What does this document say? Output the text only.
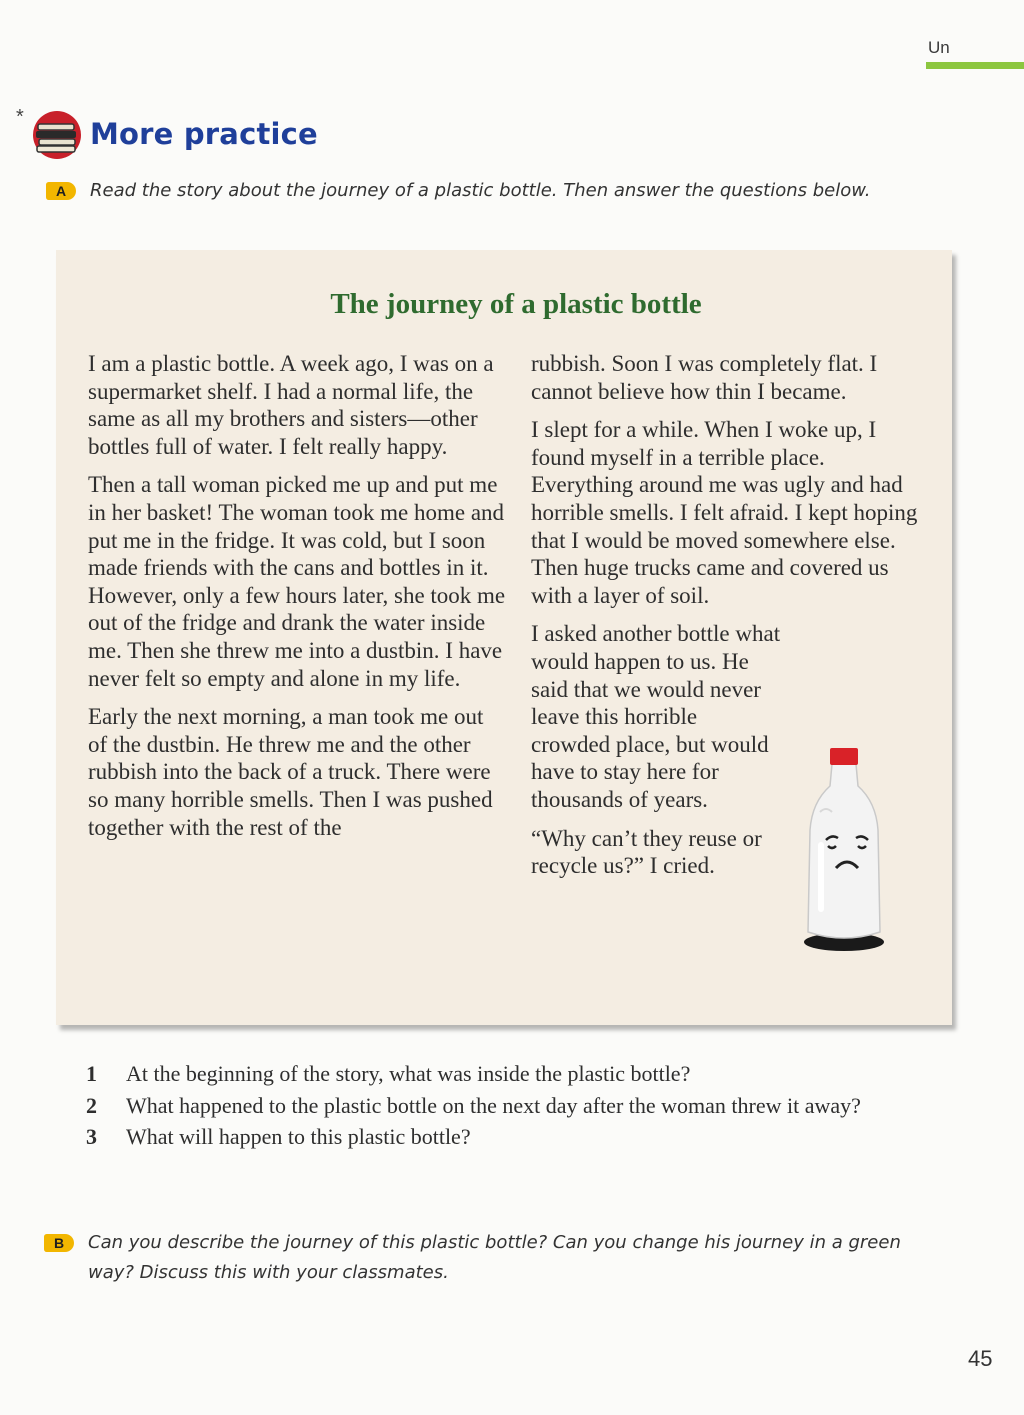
Un
* More practice
A	Read the story about the journey of a plastic bottle. Then answer the questions below.
The journey of a plastic bottle

I am a plastic bottle. A week ago, I was on a supermarket shelf. I had a normal life, the same as all my brothers and sisters—other bottles full of water. I felt really happy.

Then a tall woman picked me up and put me in her basket! The woman took me home and put me in the fridge. It was cold, but I soon made friends with the cans and bottles in it. However, only a few hours later, she took me out of the fridge and drank the water inside me. Then she threw me into a dustbin. I have never felt so empty and alone in my life.

Early the next morning, a man took me out of the dustbin. He threw me and the other rubbish into the back of a truck. There were so many horrible smells. Then I was pushed together with the rest of the

rubbish. Soon I was completely flat. I cannot believe how thin I became.

I slept for a while. When I woke up, I found myself in a terrible place. Everything around me was ugly and had horrible smells. I felt afraid. I kept hoping that I would be moved somewhere else. Then huge trucks came and covered us with a layer of soil.

I asked another bottle what would happen to us. He said that we would never leave this horrible crowded place, but would have to stay here for thousands of years.

“Why can’t they reuse or recycle us?” I cried.

1	At the beginning of the story, what was inside the plastic bottle?
2	What happened to the plastic bottle on the next day after the woman threw it away?
3	What will happen to this plastic bottle?
B	Can you describe the journey of this plastic bottle? Can you change his journey in a green way? Discuss this with your classmates.
45
